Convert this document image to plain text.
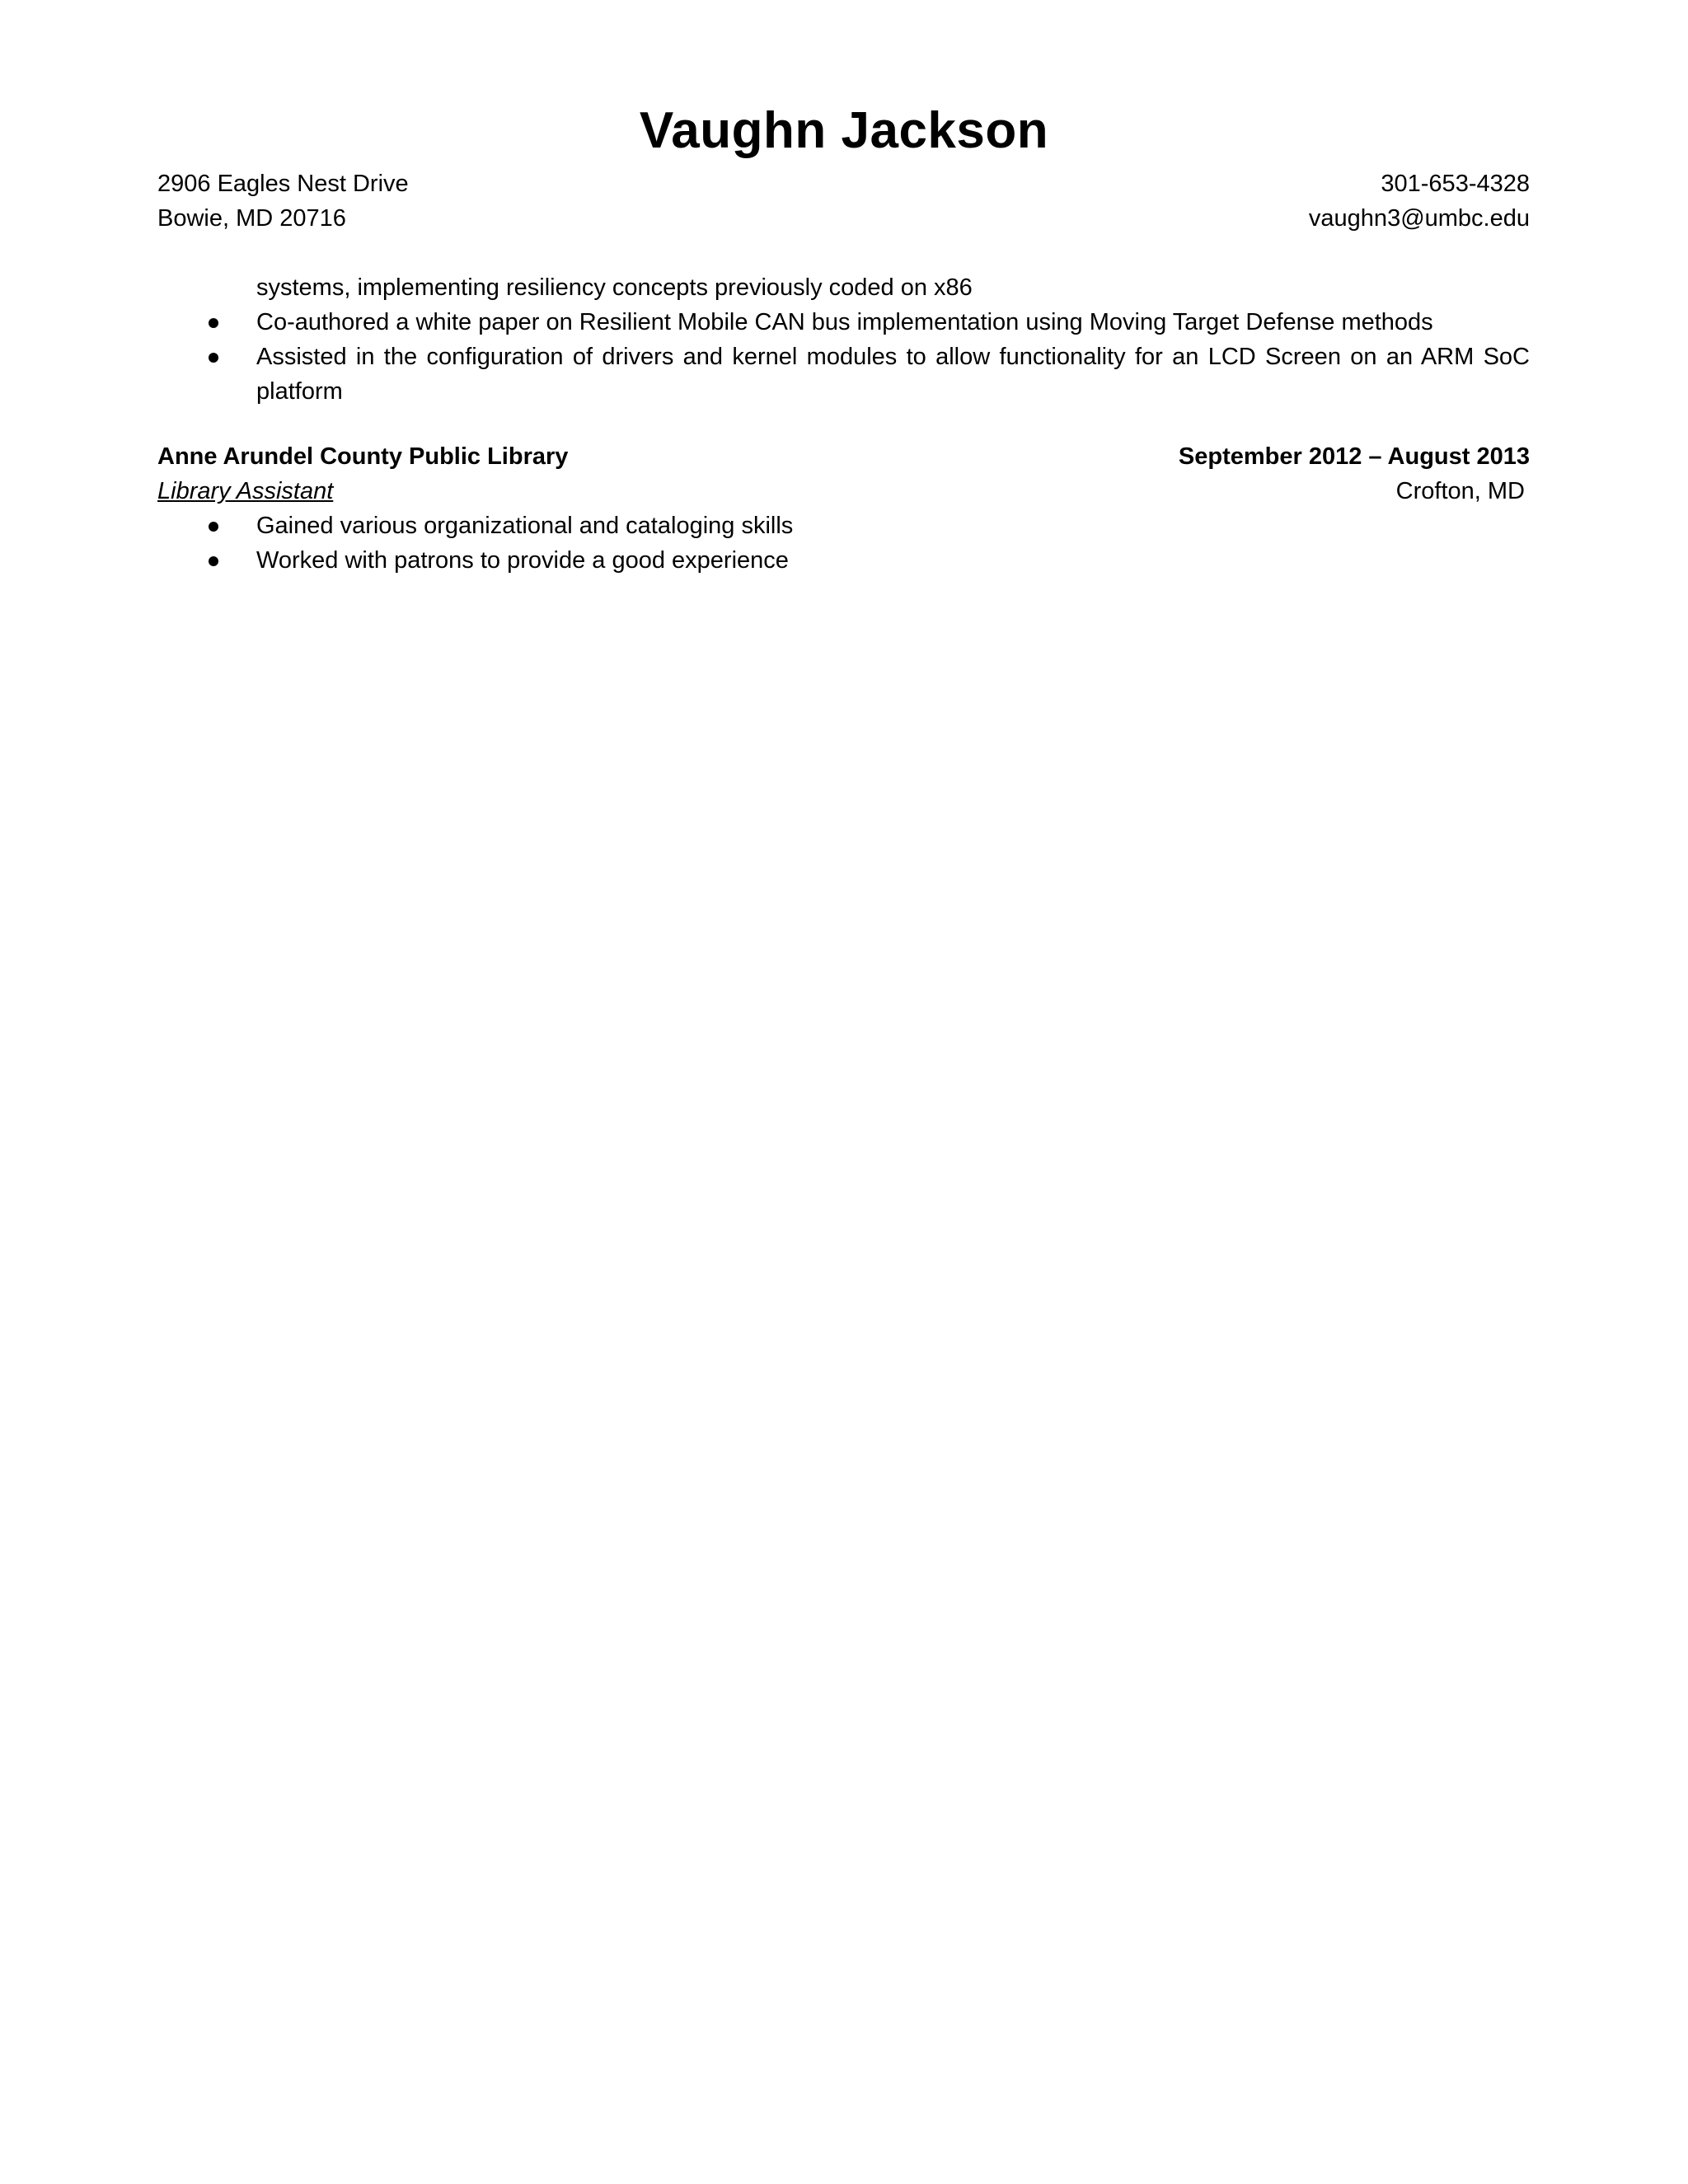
Vaughn Jackson
2906 Eagles Nest Drive
Bowie, MD 20716
301-653-4328
vaughn3@umbc.edu
systems, implementing resiliency concepts previously coded on x86
Co-authored a white paper on Resilient Mobile CAN bus implementation using Moving Target Defense methods
Assisted in the configuration of drivers and kernel modules to allow functionality for an LCD Screen on an ARM SoC platform
Anne Arundel County Public Library	September 2012 – August 2013
Library Assistant	Crofton, MD
Gained various organizational and cataloging skills
Worked with patrons to provide a good experience
